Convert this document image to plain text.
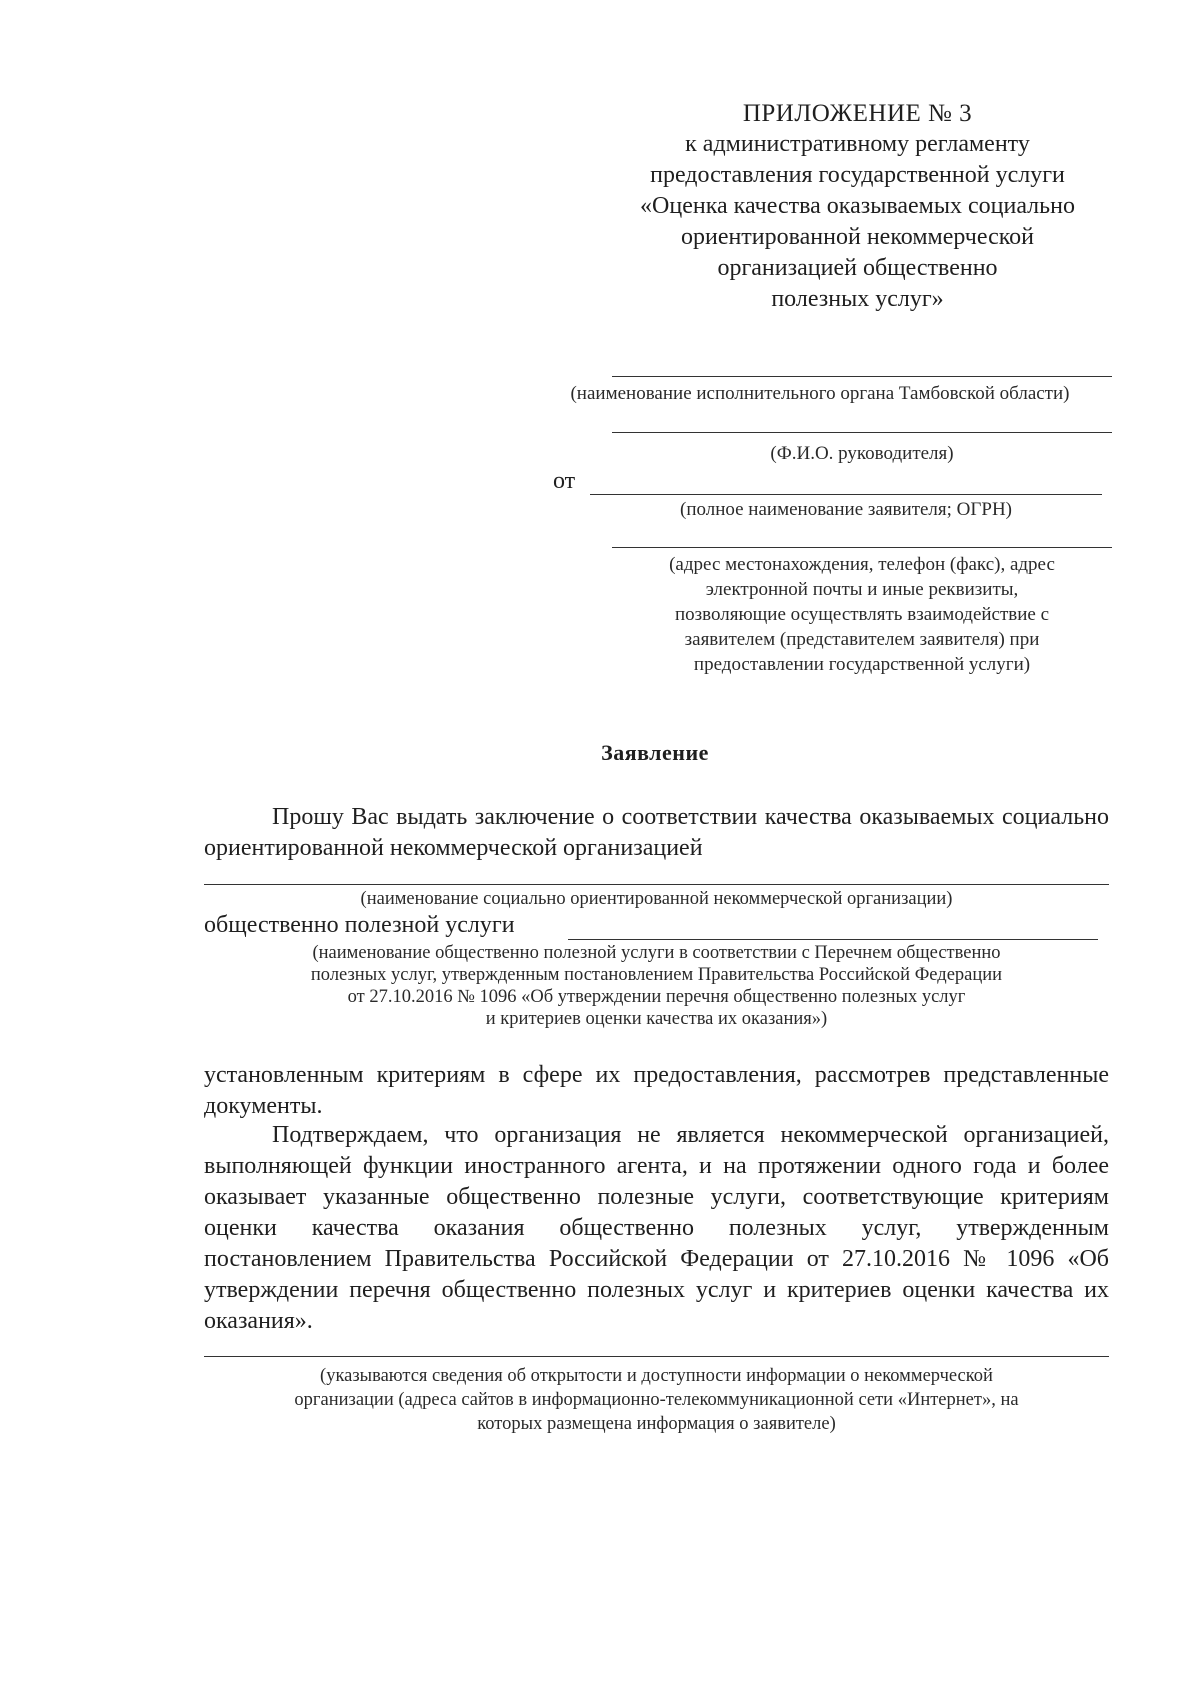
ПРИЛОЖЕНИЕ № 3
к административному регламенту
предоставления государственной услуги
«Оценка качества оказываемых социально
ориентированной некоммерческой
организацией общественно
полезных услуг»
(наименование исполнительного органа Тамбовской области)
(Ф.И.О. руководителя)
от
(полное наименование заявителя; ОГРН)
(адрес местонахождения, телефон (факс), адрес
электронной почты и иные реквизиты,
позволяющие осуществлять взаимодействие с
заявителем (представителем заявителя) при
предоставлении государственной услуги)
Заявление
Прошу Вас выдать заключение о соответствии качества оказываемых социально ориентированной некоммерческой организацией
(наименование социально ориентированной некоммерческой организации)
общественно полезной услуги
(наименование общественно полезной услуги в соответствии с Перечнем общественно
полезных услуг, утвержденным постановлением Правительства Российской Федерации
от 27.10.2016 № 1096 «Об утверждении перечня общественно полезных услуг
и критериев оценки качества их оказания»)
установленным критериям в сфере их предоставления, рассмотрев представленные документы.
Подтверждаем, что организация не является некоммерческой организацией, выполняющей функции иностранного агента, и на протяжении одного года и более оказывает указанные общественно полезные услуги, соответствующие критериям оценки качества оказания общественно полезных услуг, утвержденным постановлением Правительства Российской Федерации от 27.10.2016 № 1096 «Об утверждении перечня общественно полезных услуг и критериев оценки качества их оказания».
(указываются сведения об открытости и доступности информации о некоммерческой
организации (адреса сайтов в информационно-телекоммуникационной сети «Интернет», на
которых размещена информация о заявителе)
